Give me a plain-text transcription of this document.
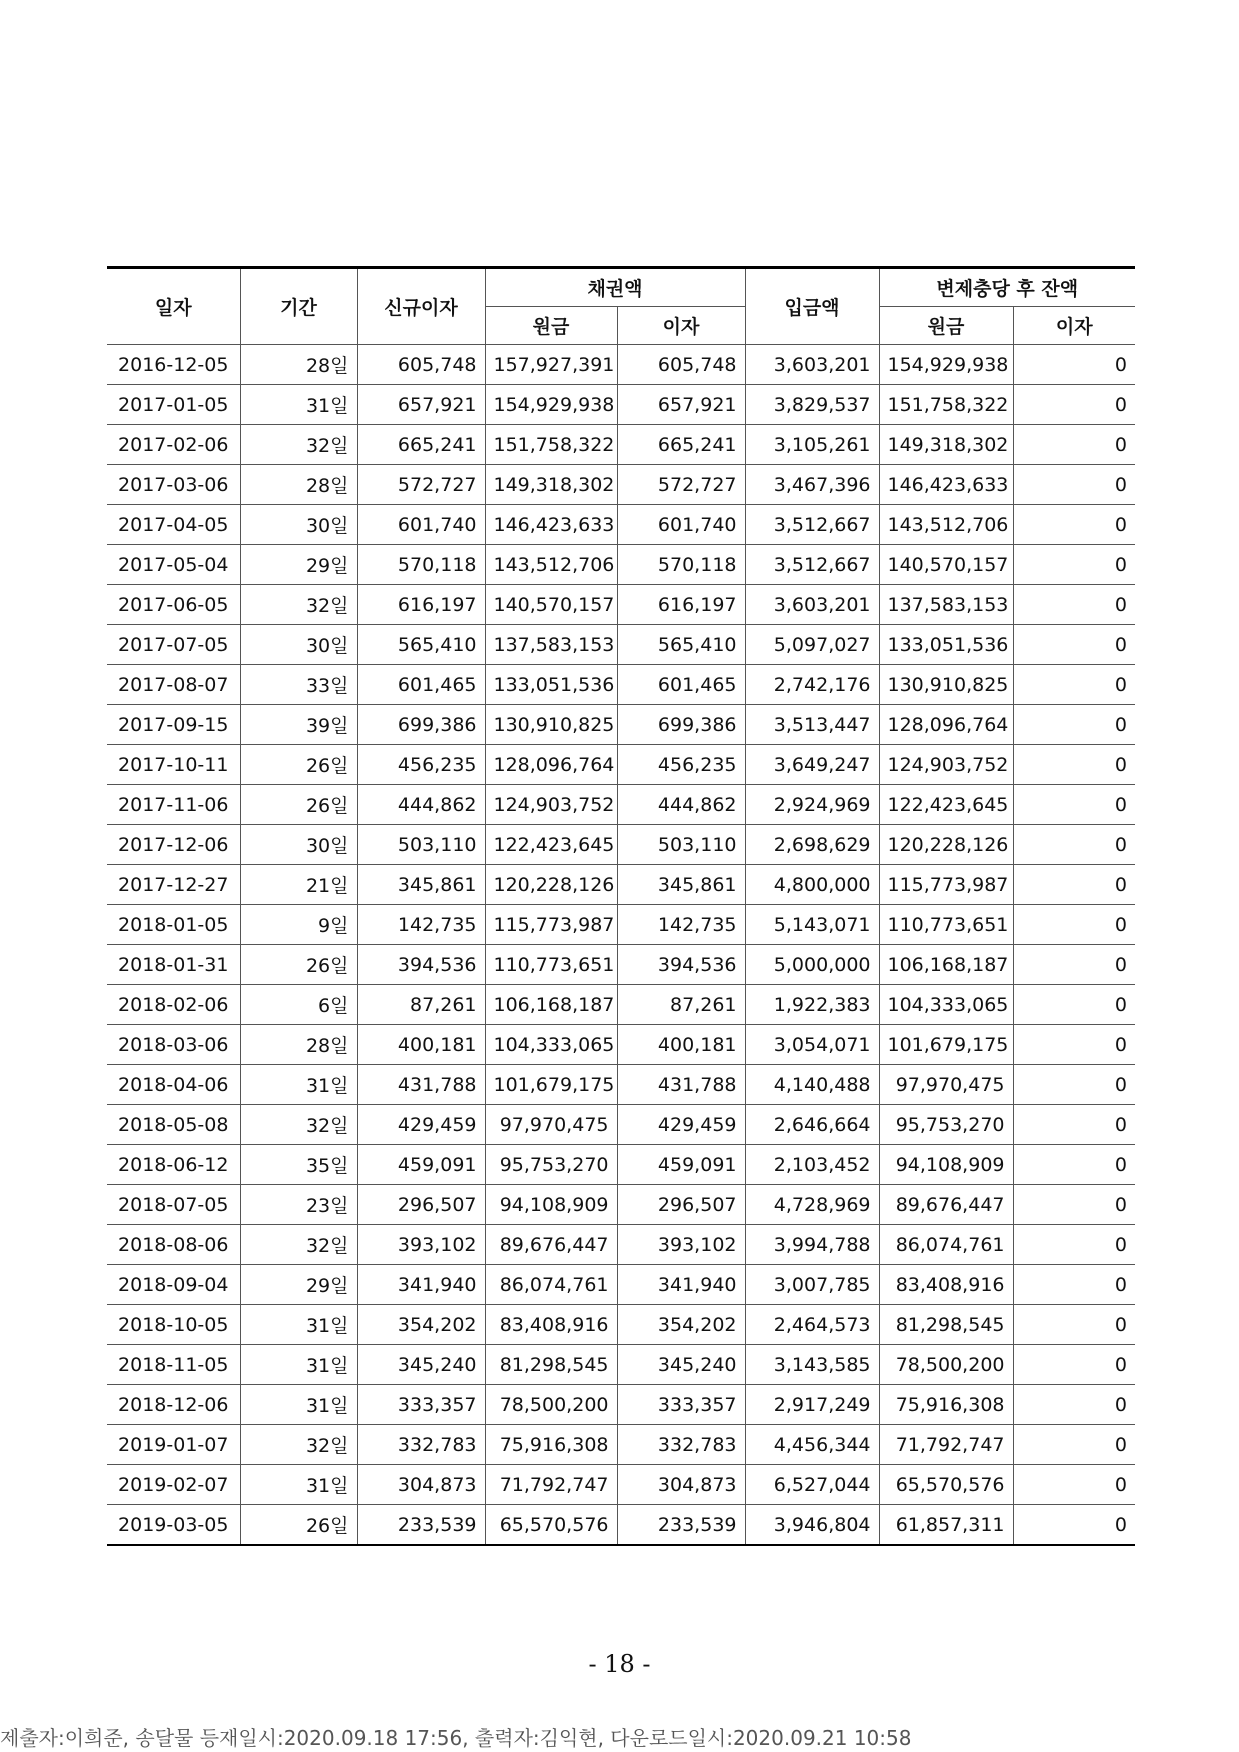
일자	기간	신규이자	채권액		입금액	변제충당 후 잔액	
			원금	이자		원금	이자
2016-12-05	28일	605,748	157,927,391	605,748	3,603,201	154,929,938	0
2017-01-05	31일	657,921	154,929,938	657,921	3,829,537	151,758,322	0
2017-02-06	32일	665,241	151,758,322	665,241	3,105,261	149,318,302	0
2017-03-06	28일	572,727	149,318,302	572,727	3,467,396	146,423,633	0
2017-04-05	30일	601,740	146,423,633	601,740	3,512,667	143,512,706	0
2017-05-04	29일	570,118	143,512,706	570,118	3,512,667	140,570,157	0
2017-06-05	32일	616,197	140,570,157	616,197	3,603,201	137,583,153	0
2017-07-05	30일	565,410	137,583,153	565,410	5,097,027	133,051,536	0
2017-08-07	33일	601,465	133,051,536	601,465	2,742,176	130,910,825	0
2017-09-15	39일	699,386	130,910,825	699,386	3,513,447	128,096,764	0
2017-10-11	26일	456,235	128,096,764	456,235	3,649,247	124,903,752	0
2017-11-06	26일	444,862	124,903,752	444,862	2,924,969	122,423,645	0
2017-12-06	30일	503,110	122,423,645	503,110	2,698,629	120,228,126	0
2017-12-27	21일	345,861	120,228,126	345,861	4,800,000	115,773,987	0
2018-01-05	9일	142,735	115,773,987	142,735	5,143,071	110,773,651	0
2018-01-31	26일	394,536	110,773,651	394,536	5,000,000	106,168,187	0
2018-02-06	6일	87,261	106,168,187	87,261	1,922,383	104,333,065	0
2018-03-06	28일	400,181	104,333,065	400,181	3,054,071	101,679,175	0
2018-04-06	31일	431,788	101,679,175	431,788	4,140,488	97,970,475	0
2018-05-08	32일	429,459	97,970,475	429,459	2,646,664	95,753,270	0
2018-06-12	35일	459,091	95,753,270	459,091	2,103,452	94,108,909	0
2018-07-05	23일	296,507	94,108,909	296,507	4,728,969	89,676,447	0
2018-08-06	32일	393,102	89,676,447	393,102	3,994,788	86,074,761	0
2018-09-04	29일	341,940	86,074,761	341,940	3,007,785	83,408,916	0
2018-10-05	31일	354,202	83,408,916	354,202	2,464,573	81,298,545	0
2018-11-05	31일	345,240	81,298,545	345,240	3,143,585	78,500,200	0
2018-12-06	31일	333,357	78,500,200	333,357	2,917,249	75,916,308	0
2019-01-07	32일	332,783	75,916,308	332,783	4,456,344	71,792,747	0
2019-02-07	31일	304,873	71,792,747	304,873	6,527,044	65,570,576	0
2019-03-05	26일	233,539	65,570,576	233,539	3,946,804	61,857,311	0
- 18 -
제출자:이희준, 송달물 등재일시:2020.09.18 17:56, 출력자:김익현, 다운로드일시:2020.09.21 10:58
